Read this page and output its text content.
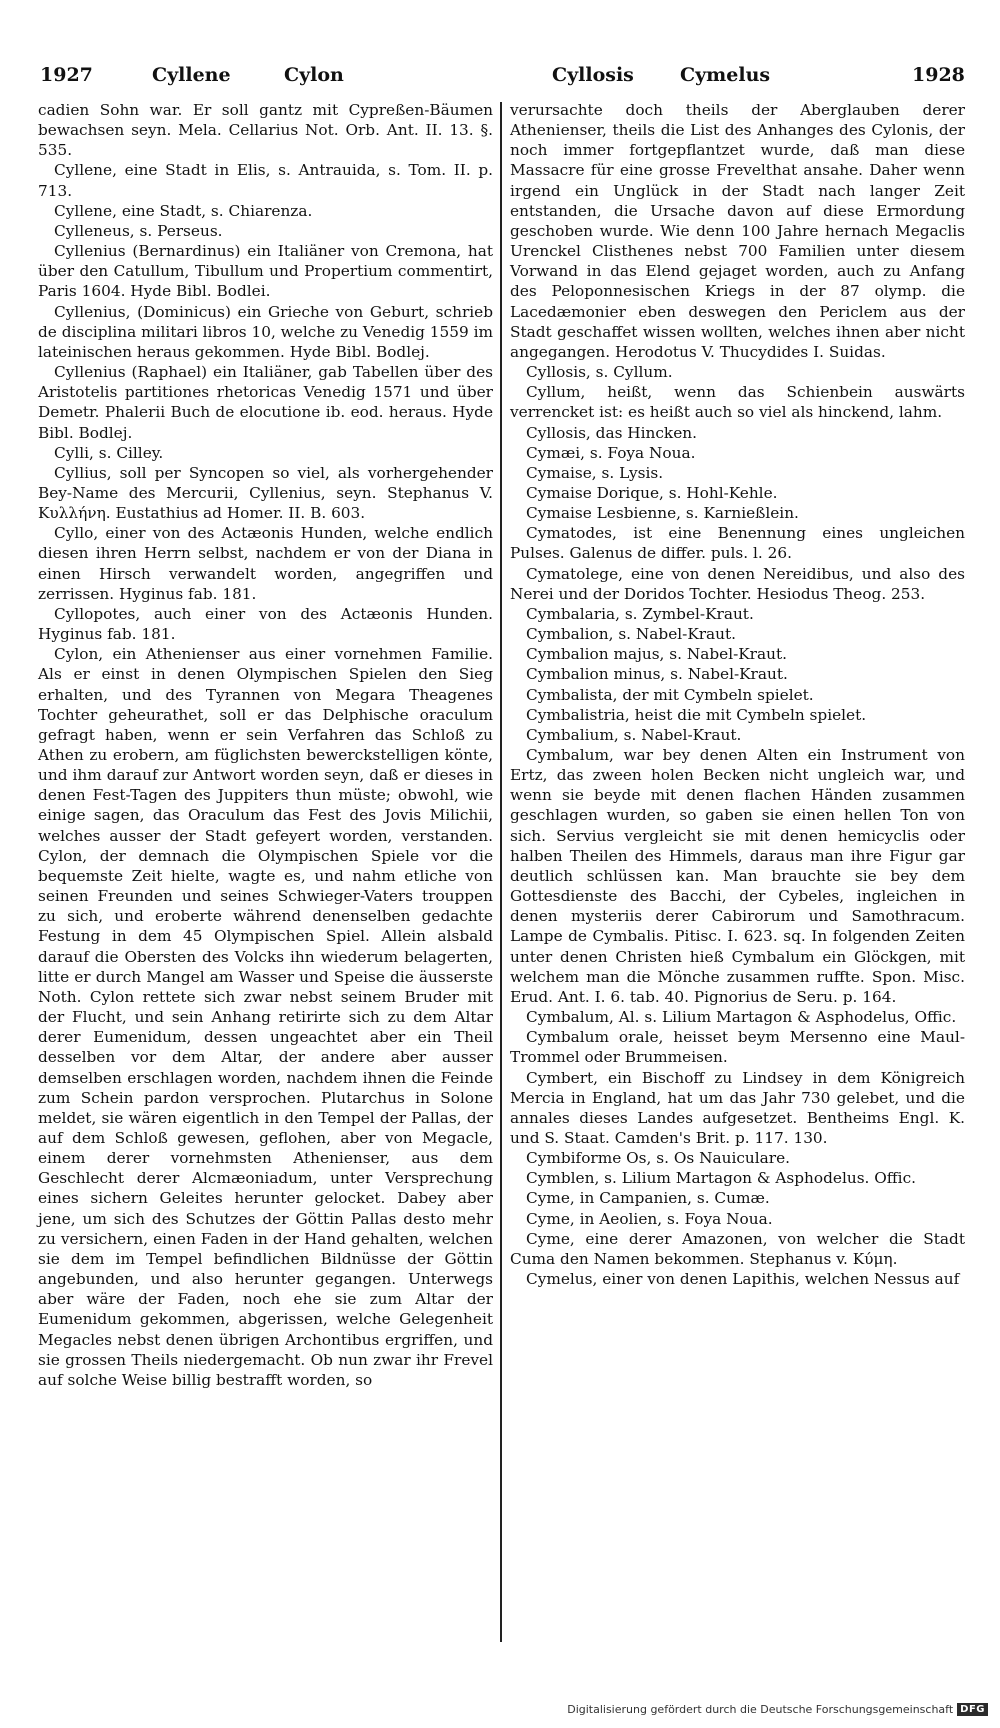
1927	Cyllene	Cylon	Cyllosis Cymelus	1928

cadien Sohn war. Er soll gantz mit Cypreßen-Bäumen bewachsen seyn. Mela. Cellarius Not. Orb. Ant. II. 13. §. 535.

Cyllene, eine Stadt in Elis, s. Antrauida, s. Tom. II. p. 713.

Cyllene, eine Stadt, s. Chiarenza.

Cylleneus, s. Perseus.

Cyllenius (Bernardinus) ein Italiäner von Cremona, hat über den Catullum, Tibullum und Propertium commentirt, Paris 1604. Hyde Bibl. Bodlei.

Cyllenius, (Dominicus) ein Grieche von Geburt, schrieb de disciplina militari libros 10, welche zu Venedig 1559 im lateinischen heraus gekommen. Hyde Bibl. Bodlej.

Cyllenius (Raphael) ein Italiäner, gab Tabellen über des Aristotelis partitiones rhetoricas Venedig 1571 und über Demetr. Phalerii Buch de elocutione ib. eod. heraus. Hyde Bibl. Bodlej.

Cylli, s. Cilley.

Cyllius, soll per Syncopen so viel, als vorhergehender Bey-Name des Mercurii, Cyllenius, seyn. Stephanus V. Κυλλήνη. Eustathius ad Homer. II. B. 603.

Cyllo, einer von des Actæonis Hunden, welche endlich diesen ihren Herrn selbst, nachdem er von der Diana in einen Hirsch verwandelt worden, angegriffen und zerrissen. Hyginus fab. 181.

Cyllopotes, auch einer von des Actæonis Hunden. Hyginus fab. 181.

Cylon, ein Athenienser aus einer vornehmen Familie. Als er einst in denen Olympischen Spielen den Sieg erhalten, und des Tyrannen von Megara Theagenes Tochter geheurathet, soll er das Delphische oraculum gefragt haben, wenn er sein Verfahren das Schloß zu Athen zu erobern, am füglichsten bewerckstelligen könte, und ihm darauf zur Antwort worden seyn, daß er dieses in denen Fest-Tagen des Juppiters thun müste; obwohl, wie einige sagen, das Oraculum das Fest des Jovis Milichii, welches ausser der Stadt gefeyert worden, verstanden. Cylon, der demnach die Olympischen Spiele vor die bequemste Zeit hielte, wagte es, und nahm etliche von seinen Freunden und seines Schwieger-Vaters trouppen zu sich, und eroberte während denenselben gedachte Festung in dem 45 Olympischen Spiel. Allein alsbald darauf die Obersten des Volcks ihn wiederum belagerten, litte er durch Mangel am Wasser und Speise die äusserste Noth. Cylon rettete sich zwar nebst seinem Bruder mit der Flucht, und sein Anhang retirirte sich zu dem Altar derer Eumenidum, dessen ungeachtet aber ein Theil desselben vor dem Altar, der andere aber ausser demselben erschlagen worden, nachdem ihnen die Feinde zum Schein pardon versprochen. Plutarchus in Solone meldet, sie wären eigentlich in den Tempel der Pallas, der auf dem Schloß gewesen, geflohen, aber von Megacle, einem derer vornehmsten Athenienser, aus dem Geschlecht derer Alcmæoniadum, unter Versprechung eines sichern Geleites herunter gelocket. Dabey aber jene, um sich des Schutzes der Göttin Pallas desto mehr zu versichern, einen Faden in der Hand gehalten, welchen sie dem im Tempel befindlichen Bildnüsse der Göttin angebunden, und also herunter gegangen. Unterwegs aber wäre der Faden, noch ehe sie zum Altar der Eumenidum gekommen, abgerissen, welche Gelegenheit Megacles nebst denen übrigen Archontibus ergriffen, und sie grossen Theils niedergemacht. Ob nun zwar ihr Frevel auf solche Weise billig bestrafft worden, so

verursachte doch theils der Aberglauben derer Athenienser, theils die List des Anhanges des Cylonis, der noch immer fortgepflantzet wurde, daß man diese Massacre für eine grosse Frevelthat ansahe. Daher wenn irgend ein Unglück in der Stadt nach langer Zeit entstanden, die Ursache davon auf diese Ermordung geschoben wurde. Wie denn 100 Jahre hernach Megaclis Urenckel Clisthenes nebst 700 Familien unter diesem Vorwand in das Elend gejaget worden, auch zu Anfang des Peloponnesischen Kriegs in der 87 olymp. die Lacedæmonier eben deswegen den Periclem aus der Stadt geschaffet wissen wollten, welches ihnen aber nicht angegangen. Herodotus V. Thucydides I. Suidas.

Cyllosis, s. Cyllum.

Cyllum, heißt, wenn das Schienbein auswärts verrencket ist: es heißt auch so viel als hinckend, lahm.

Cyllosis, das Hincken.

Cymæi, s. Foya Noua.

Cymaise, s. Lysis.

Cymaise Dorique, s. Hohl-Kehle.

Cymaise Lesbienne, s. Karnießlein.

Cymatodes, ist eine Benennung eines ungleichen Pulses. Galenus de differ. puls. l. 26.

Cymatolege, eine von denen Nereidibus, und also des Nerei und der Doridos Tochter. Hesiodus Theog. 253.

Cymbalaria, s. Zymbel-Kraut.

Cymbalion, s. Nabel-Kraut.

Cymbalion majus, s. Nabel-Kraut.

Cymbalion minus, s. Nabel-Kraut.

Cymbalista, der mit Cymbeln spielet.

Cymbalistria, heist die mit Cymbeln spielet.

Cymbalium, s. Nabel-Kraut.

Cymbalum, war bey denen Alten ein Instrument von Ertz, das zween holen Becken nicht ungleich war, und wenn sie beyde mit denen flachen Händen zusammen geschlagen wurden, so gaben sie einen hellen Ton von sich. Servius vergleicht sie mit denen hemicyclis oder halben Theilen des Himmels, daraus man ihre Figur gar deutlich schlüssen kan. Man brauchte sie bey dem Gottesdienste des Bacchi, der Cybeles, ingleichen in denen mysteriis derer Cabirorum und Samothracum. Lampe de Cymbalis. Pitisc. I. 623. sq. In folgenden Zeiten unter denen Christen hieß Cymbalum ein Glöckgen, mit welchem man die Mönche zusammen ruffte. Spon. Misc. Erud. Ant. I. 6. tab. 40. Pignorius de Seru. p. 164.

Cymbalum, Al. s. Lilium Martagon & Asphodelus, Offic.

Cymbalum orale, heisset beym Mersenno eine Maul-Trommel oder Brummeisen.

Cymbert, ein Bischoff zu Lindsey in dem Königreich Mercia in England, hat um das Jahr 730 gelebet, und die annales dieses Landes aufgesetzet. Bentheims Engl. K. und S. Staat. Camden's Brit. p. 117. 130.

Cymbiforme Os, s. Os Nauiculare.

Cymblen, s. Lilium Martagon & Asphodelus. Offic.

Cyme, in Campanien, s. Cumæ.

Cyme, in Aeolien, s. Foya Noua.

Cyme, eine derer Amazonen, von welcher die Stadt Cuma den Namen bekommen. Stephanus v. Κύμη.

Cymelus, einer von denen Lapithis, welchen Nessus auf

Digitalisierung gefördert durch die Deutsche Forschungsgemeinschaft DFG
